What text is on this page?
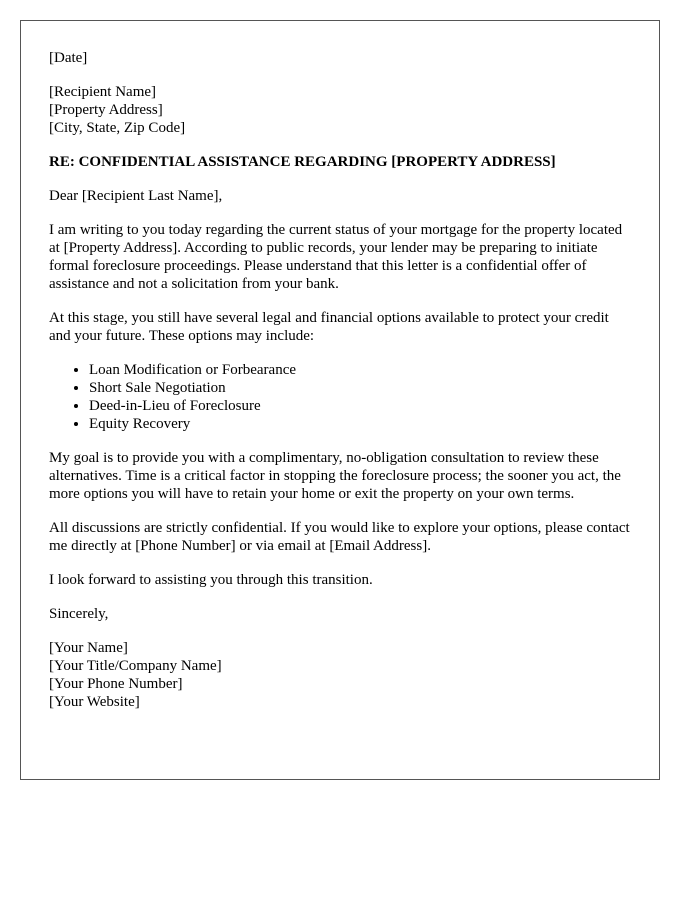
[Date]

[Recipient Name]
[Property Address]
[City, State, Zip Code]

RE: CONFIDENTIAL ASSISTANCE REGARDING [PROPERTY ADDRESS]

Dear [Recipient Last Name],

I am writing to you today regarding the current status of your mortgage for the property located at [Property Address]. According to public records, your lender may be preparing to initiate formal foreclosure proceedings. Please understand that this letter is a confidential offer of assistance and not a solicitation from your bank.

At this stage, you still have several legal and financial options available to protect your credit and your future. These options may include:

• Loan Modification or Forbearance
• Short Sale Negotiation
• Deed-in-Lieu of Foreclosure
• Equity Recovery

My goal is to provide you with a complimentary, no-obligation consultation to review these alternatives. Time is a critical factor in stopping the foreclosure process; the sooner you act, the more options you will have to retain your home or exit the property on your own terms.

All discussions are strictly confidential. If you would like to explore your options, please contact me directly at [Phone Number] or via email at [Email Address].

I look forward to assisting you through this transition.

Sincerely,

[Your Name]
[Your Title/Company Name]
[Your Phone Number]
[Your Website]
